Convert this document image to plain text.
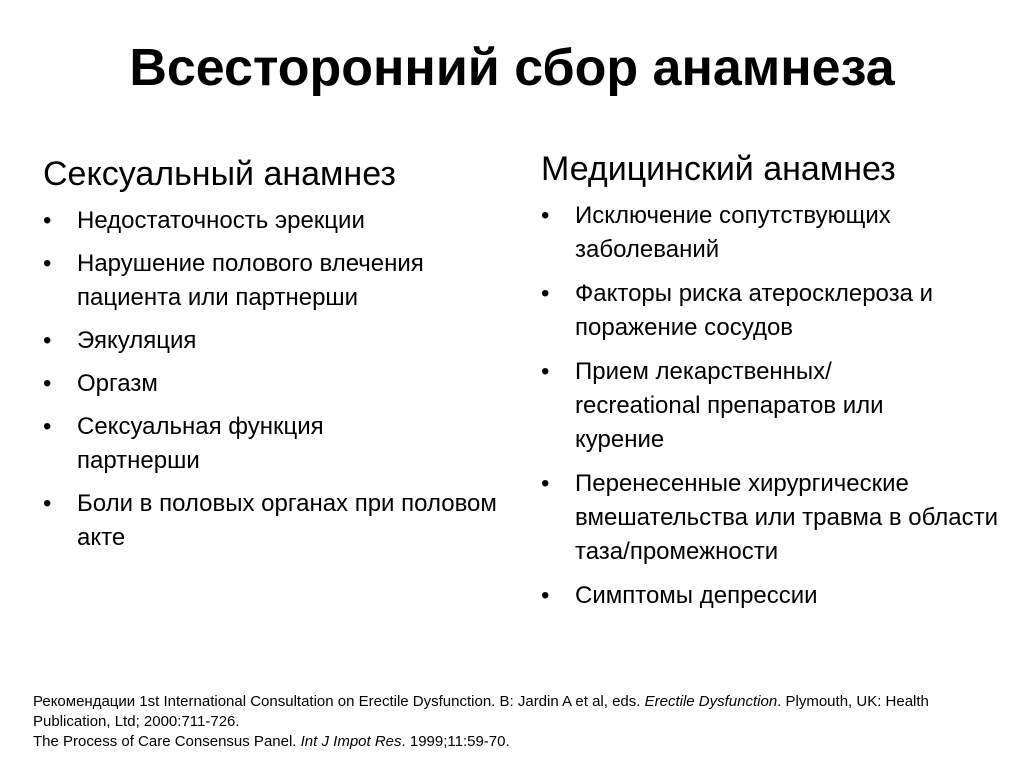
Всесторонний сбор анамнеза
Сексуальный анамнез
•	Недостаточность эрекции
•	Нарушение полового влечения пациента или партнерши
•	Эякуляция
•	Оргазм
•	Сексуальная функция партнерши
•	Боли в половых органах при половом акте
Медицинский анамнез
•	Исключение сопутствующих заболеваний
•	Факторы риска атеросклероза и поражение сосудов
•	Прием лекарственных/ recreational препаратов или курение
•	Перенесенные хирургические вмешательства или травма в области таза/промежности
•	Симптомы депрессии

Рекомендации 1st International Consultation on Erectile Dysfunction. В: Jardin A et al, eds. Erectile Dysfunction. Plymouth, UK: Health Publication, Ltd; 2000:711-726.

The Process of Care Consensus Panel. Int J Impot Res. 1999;11:59-70.
